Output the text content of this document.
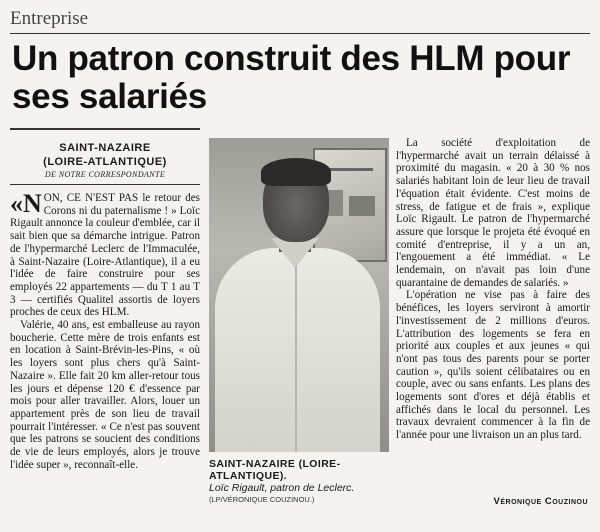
Entreprise
Un patron construit des HLM pour ses salariés
SAINT-NAZAIRE
(LOIRE-ATLANTIQUE)
DE NOTRE CORRESPONDANTE

«NON, CE N'EST PAS le retour des Corons ni du paternalisme ! » Loïc Rigault annonce la couleur d'emblée, car il sait bien que sa démarche intrigue. Patron de l'hypermarché Leclerc de l'Immaculée, à Saint-Nazaire (Loire-Atlantique), il a eu l'idée de faire construire pour ses employés 22 appartements — du T 1 au T 3 — certifiés Qualitel assortis de loyers proches de ceux des HLM.

Valérie, 40 ans, est emballeuse au rayon boucherie. Cette mère de trois enfants est en location à Saint-Brévin-les-Pins, « où les loyers sont plus chers qu'à Saint-Nazaire ». Elle fait 20 km aller-retour tous les jours et dépense 120 € d'essence par mois pour aller travailler. Alors, louer un appartement près de son lieu de travail pourrait l'intéresser. « Ce n'est pas souvent que les patrons se soucient des conditions de vie de leurs employés, alors je trouve l'idée super », reconnaît-elle.	SAINT-NAZAIRE (LOIRE-ATLANTIQUE).
Loïc Rigault, patron de Leclerc.
(LP/VÉRONIQUE COUZINOU.)

La société d'exploitation de l'hypermarché avait un terrain délaissé à proximité du magasin. « 20 à 30 % nos salariés habitant loin de leur lieu de travail l'équation était évidente. C'est moins de stress, de fatigue et de frais », explique Loïc Rigault. Le patron de l'hypermarché assure que lorsque le projeta été évoqué en comité d'entreprise, il y a un an, l'engouement a été immédiat. « Le lendemain, on n'avait pas loin d'une quarantaine de demandes de salariés. »

L'opération ne vise pas à faire des bénéfices, les loyers serviront à amortir l'investissement de 2 millions d'euros. L'attribution des logements se fera en priorité aux couples et aux jeunes « qui n'ont pas tous des parents pour se porter caution », qu'ils soient célibataires ou en couple, avec ou sans enfants. Les plans des logements sont d'ores et déjà établis et affichés dans le local du personnel. Les travaux devraient commencer à la fin de l'année pour une livraison un an plus tard.

Véronique Couzinou
